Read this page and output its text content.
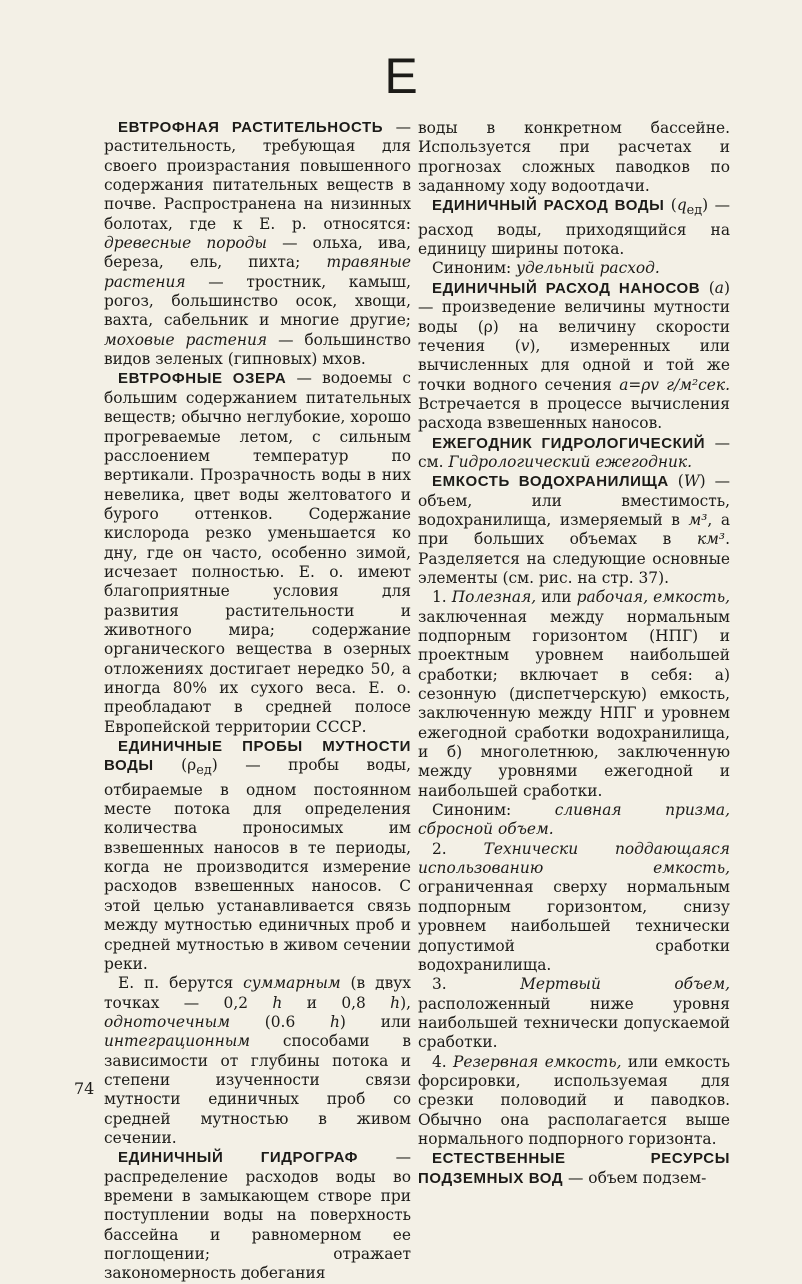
Е

ЕВТРОФНАЯ РАСТИТЕЛЬНОСТЬ — растительность, требующая для своего произрастания повышенного содержания питательных веществ в почве. Распространена на низинных болотах, где к Е. р. относятся: древесные породы — ольха, ива, береза, ель, пихта; травяные растения — тростник, камыш, рогоз, большинство осок, хвощи, вахта, сабельник и многие другие; моховые растения — большинство видов зеленых (гипновых) мхов.

ЕВТРОФНЫЕ ОЗЕРА — водоемы с большим содержанием питательных веществ; обычно неглубокие, хорошо прогреваемые летом, с сильным расслоением температур по вертикали. Прозрачность воды в них невелика, цвет воды желтоватого и бурого оттенков. Содержание кислорода резко уменьшается ко дну, где он часто, особенно зимой, исчезает полностью. Е. о. имеют благоприятные условия для развития растительности и животного мира; содержание органического вещества в озерных отложениях достигает нередко 50, а иногда 80% их сухого веса. Е. о. преобладают в средней полосе Европейской территории СССР.

ЕДИНИЧНЫЕ ПРОБЫ МУТНОСТИ ВОДЫ $(\rho_{ед})$ — пробы воды, отбираемые в одном постоянном месте потока для определения количества проносимых им взвешенных наносов в те периоды, когда не производится измерение расходов взвешенных наносов. С этой целью устанавливается связь между мутностью единичных проб и средней мутностью в живом сечении реки.

Е. п. берутся суммарным (в двух точках — 0,2 h и 0,8 h), одноточечным (0.6 h) или интеграционным способами в зависимости от глубины потока и степени изученности связи мутности единичных проб со средней мутностью в живом сечении.

ЕДИНИЧНЫЙ ГИДРОГРАФ — распределение расходов воды во времени в замыкающем створе при поступлении воды на поверхность бассейна и равномерном ее поглощении; отражает закономерность добегания

воды в конкретном бассейне. Используется при расчетах и прогнозах сложных паводков по заданному ходу водоотдачи.

ЕДИНИЧНЫЙ РАСХОД ВОДЫ $(q_{ед})$ — расход воды, приходящийся на единицу ширины потока.

Синоним: удельный расход.

ЕДИНИЧНЫЙ РАСХОД НАНОСОВ (a) — произведение величины мутности воды (ρ) на величину скорости течения (v), измеренных или вычисленных для одной и той же точки водного сечения a=ρv г/м²сек. Встречается в процессе вычисления расхода взвешенных наносов.

ЕЖЕГОДНИК ГИДРОЛОГИЧЕСКИЙ — см. Гидрологический ежегодник.

ЕМКОСТЬ ВОДОХРАНИЛИЩА (W) — объем, или вместимость, водохранилища, измеряемый в м³, а при больших объемах в км³. Разделяется на следующие основные элементы (см. рис. на стр. 37).

1. Полезная, или рабочая, емкость, заключенная между нормальным подпорным горизонтом (НПГ) и проектным уровнем наибольшей сработки; включает в себя: а) сезонную (диспетчерскую) емкость, заключенную между НПГ и уровнем ежегодной сработки водохранилища, и б) многолетнюю, заключенную между уровнями ежегодной и наибольшей сработки.

Синоним: сливная призма, сбросной объем.

2. Технически поддающаяся использованию емкость, ограниченная сверху нормальным подпорным горизонтом, снизу уровнем наибольшей технически допустимой сработки водохранилища.

3. Мертвый объем, расположенный ниже уровня наибольшей технически допускаемой сработки.

4. Резервная емкость, или емкость форсировки, используемая для срезки половодий и паводков. Обычно она располагается выше нормального подпорного горизонта.

ЕСТЕСТВЕННЫЕ РЕСУРСЫ ПОДЗЕМНЫХ ВОД — объем подзем-

74
